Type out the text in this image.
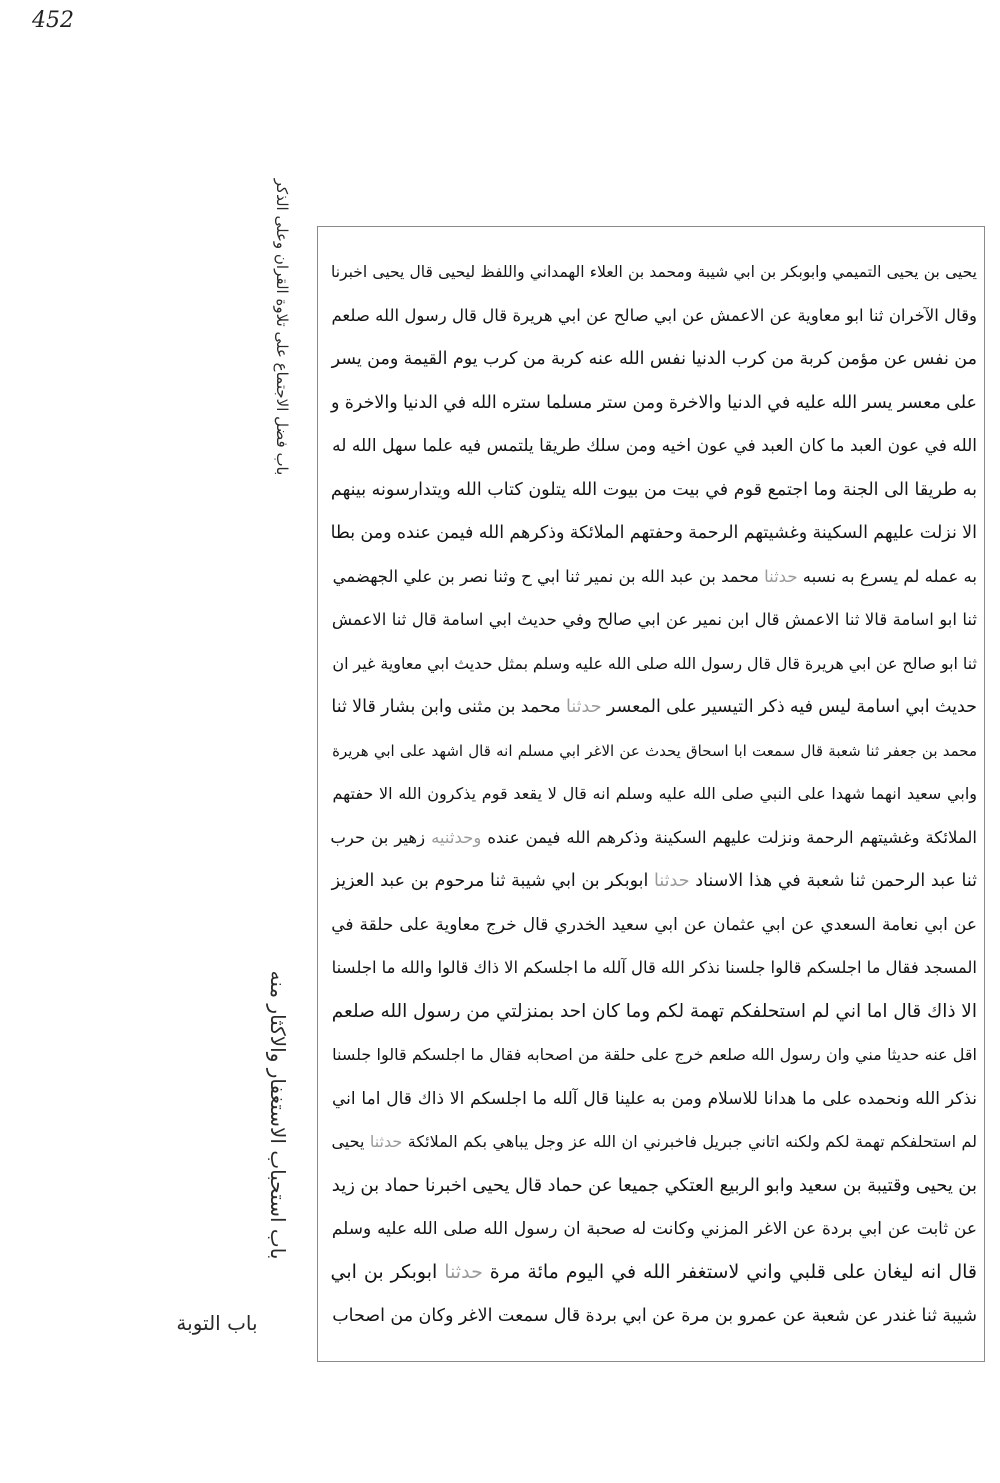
452
باب فضل الاجتماع على تلاوة القران وعلى الذكر
باب استحباب الاستغفار والاكثار منه
باب التوبة
يحيى بن يحيى التميمي وابوبكر بن ابي شيبة ومحمد بن العلاء الهمداني واللفظ ليحيى قال يحيى اخبرنا
وقال الآخران ثنا ابو معاوية عن الاعمش عن ابي صالح عن ابي هريرة قال قال رسول الله صلعم
من نفس عن مؤمن كربة من كرب الدنيا نفس الله عنه كربة من كرب يوم القيمة ومن يسر
على معسر يسر الله عليه في الدنيا والاخرة ومن ستر مسلما ستره الله في الدنيا والاخرة و
الله في عون العبد ما كان العبد في عون اخيه ومن سلك طريقا يلتمس فيه علما سهل الله له
به طريقا الى الجنة وما اجتمع قوم في بيت من بيوت الله يتلون كتاب الله ويتدارسونه بينهم
الا نزلت عليهم السكينة وغشيتهم الرحمة وحفتهم الملائكة وذكرهم الله فيمن عنده ومن بطا
به عمله لم يسرع به نسبه حدثنا محمد بن عبد الله بن نمير ثنا ابي ح وثنا نصر بن علي الجهضمي
ثنا ابو اسامة قالا ثنا الاعمش قال ابن نمير عن ابي صالح وفي حديث ابي اسامة قال ثنا الاعمش
ثنا ابو صالح عن ابي هريرة قال قال رسول الله صلى الله عليه وسلم بمثل حديث ابي معاوية غير ان
حديث ابي اسامة ليس فيه ذكر التيسير على المعسر حدثنا محمد بن مثنى وابن بشار قالا ثنا
محمد بن جعفر ثنا شعبة قال سمعت ابا اسحاق يحدث عن الاغر ابي مسلم انه قال اشهد على ابي هريرة
وابي سعيد انهما شهدا على النبي صلى الله عليه وسلم انه قال لا يقعد قوم يذكرون الله الا حفتهم
الملائكة وغشيتهم الرحمة ونزلت عليهم السكينة وذكرهم الله فيمن عنده وحدثنيه زهير بن حرب
ثنا عبد الرحمن ثنا شعبة في هذا الاسناد حدثنا ابوبكر بن ابي شيبة ثنا مرحوم بن عبد العزيز
عن ابي نعامة السعدي عن ابي عثمان عن ابي سعيد الخدري قال خرج معاوية على حلقة في
المسجد فقال ما اجلسكم قالوا جلسنا نذكر الله قال آلله ما اجلسكم الا ذاك قالوا والله ما اجلسنا
الا ذاك قال اما اني لم استحلفكم تهمة لكم وما كان احد بمنزلتي من رسول الله صلعم
اقل عنه حديثا مني وان رسول الله صلعم خرج على حلقة من اصحابه فقال ما اجلسكم قالوا جلسنا
نذكر الله ونحمده على ما هدانا للاسلام ومن به علينا قال آلله ما اجلسكم الا ذاك قال اما اني
لم استحلفكم تهمة لكم ولكنه اتاني جبريل فاخبرني ان الله عز وجل يباهي بكم الملائكة حدثنا يحيى
بن يحيى وقتيبة بن سعيد وابو الربيع العتكي جميعا عن حماد قال يحيى اخبرنا حماد بن زيد
عن ثابت عن ابي بردة عن الاغر المزني وكانت له صحبة ان رسول الله صلى الله عليه وسلم
قال انه ليغان على قلبي واني لاستغفر الله في اليوم مائة مرة حدثنا ابوبكر بن ابي
شيبة ثنا غندر عن شعبة عن عمرو بن مرة عن ابي بردة قال سمعت الاغر وكان من اصحاب
